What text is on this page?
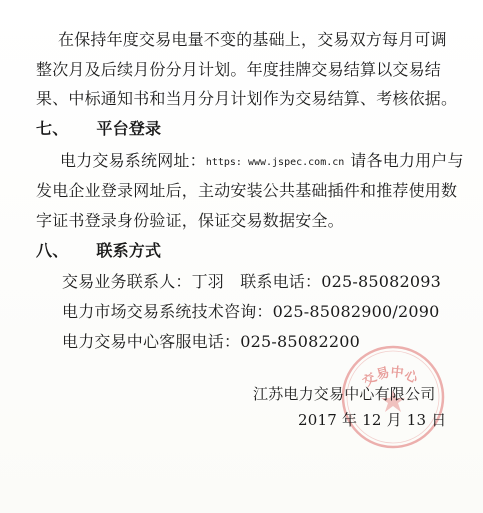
在保持年度交易电量不变的基础上，交易双方每月可调
整次月及后续月份分月计划。年度挂牌交易结算以交易结
果、中标通知书和当月分月计划作为交易结算、考核依据。
七、 平台登录
电力交易系统网址：https: www.jspec.com.cn 请各电力用户与
发电企业登录网址后，主动安装公共基础插件和推荐使用数
字证书登录身份验证，保证交易数据安全。
八、 联系方式
交易业务联系人：丁羽　联系电话：025-85082093
电力市场交易系统技术咨询：025-85082900/2090
电力交易中心客服电话：025-85082200
交易中心
江苏电力交易中心有限公司
2017 年 12 月 13 日
